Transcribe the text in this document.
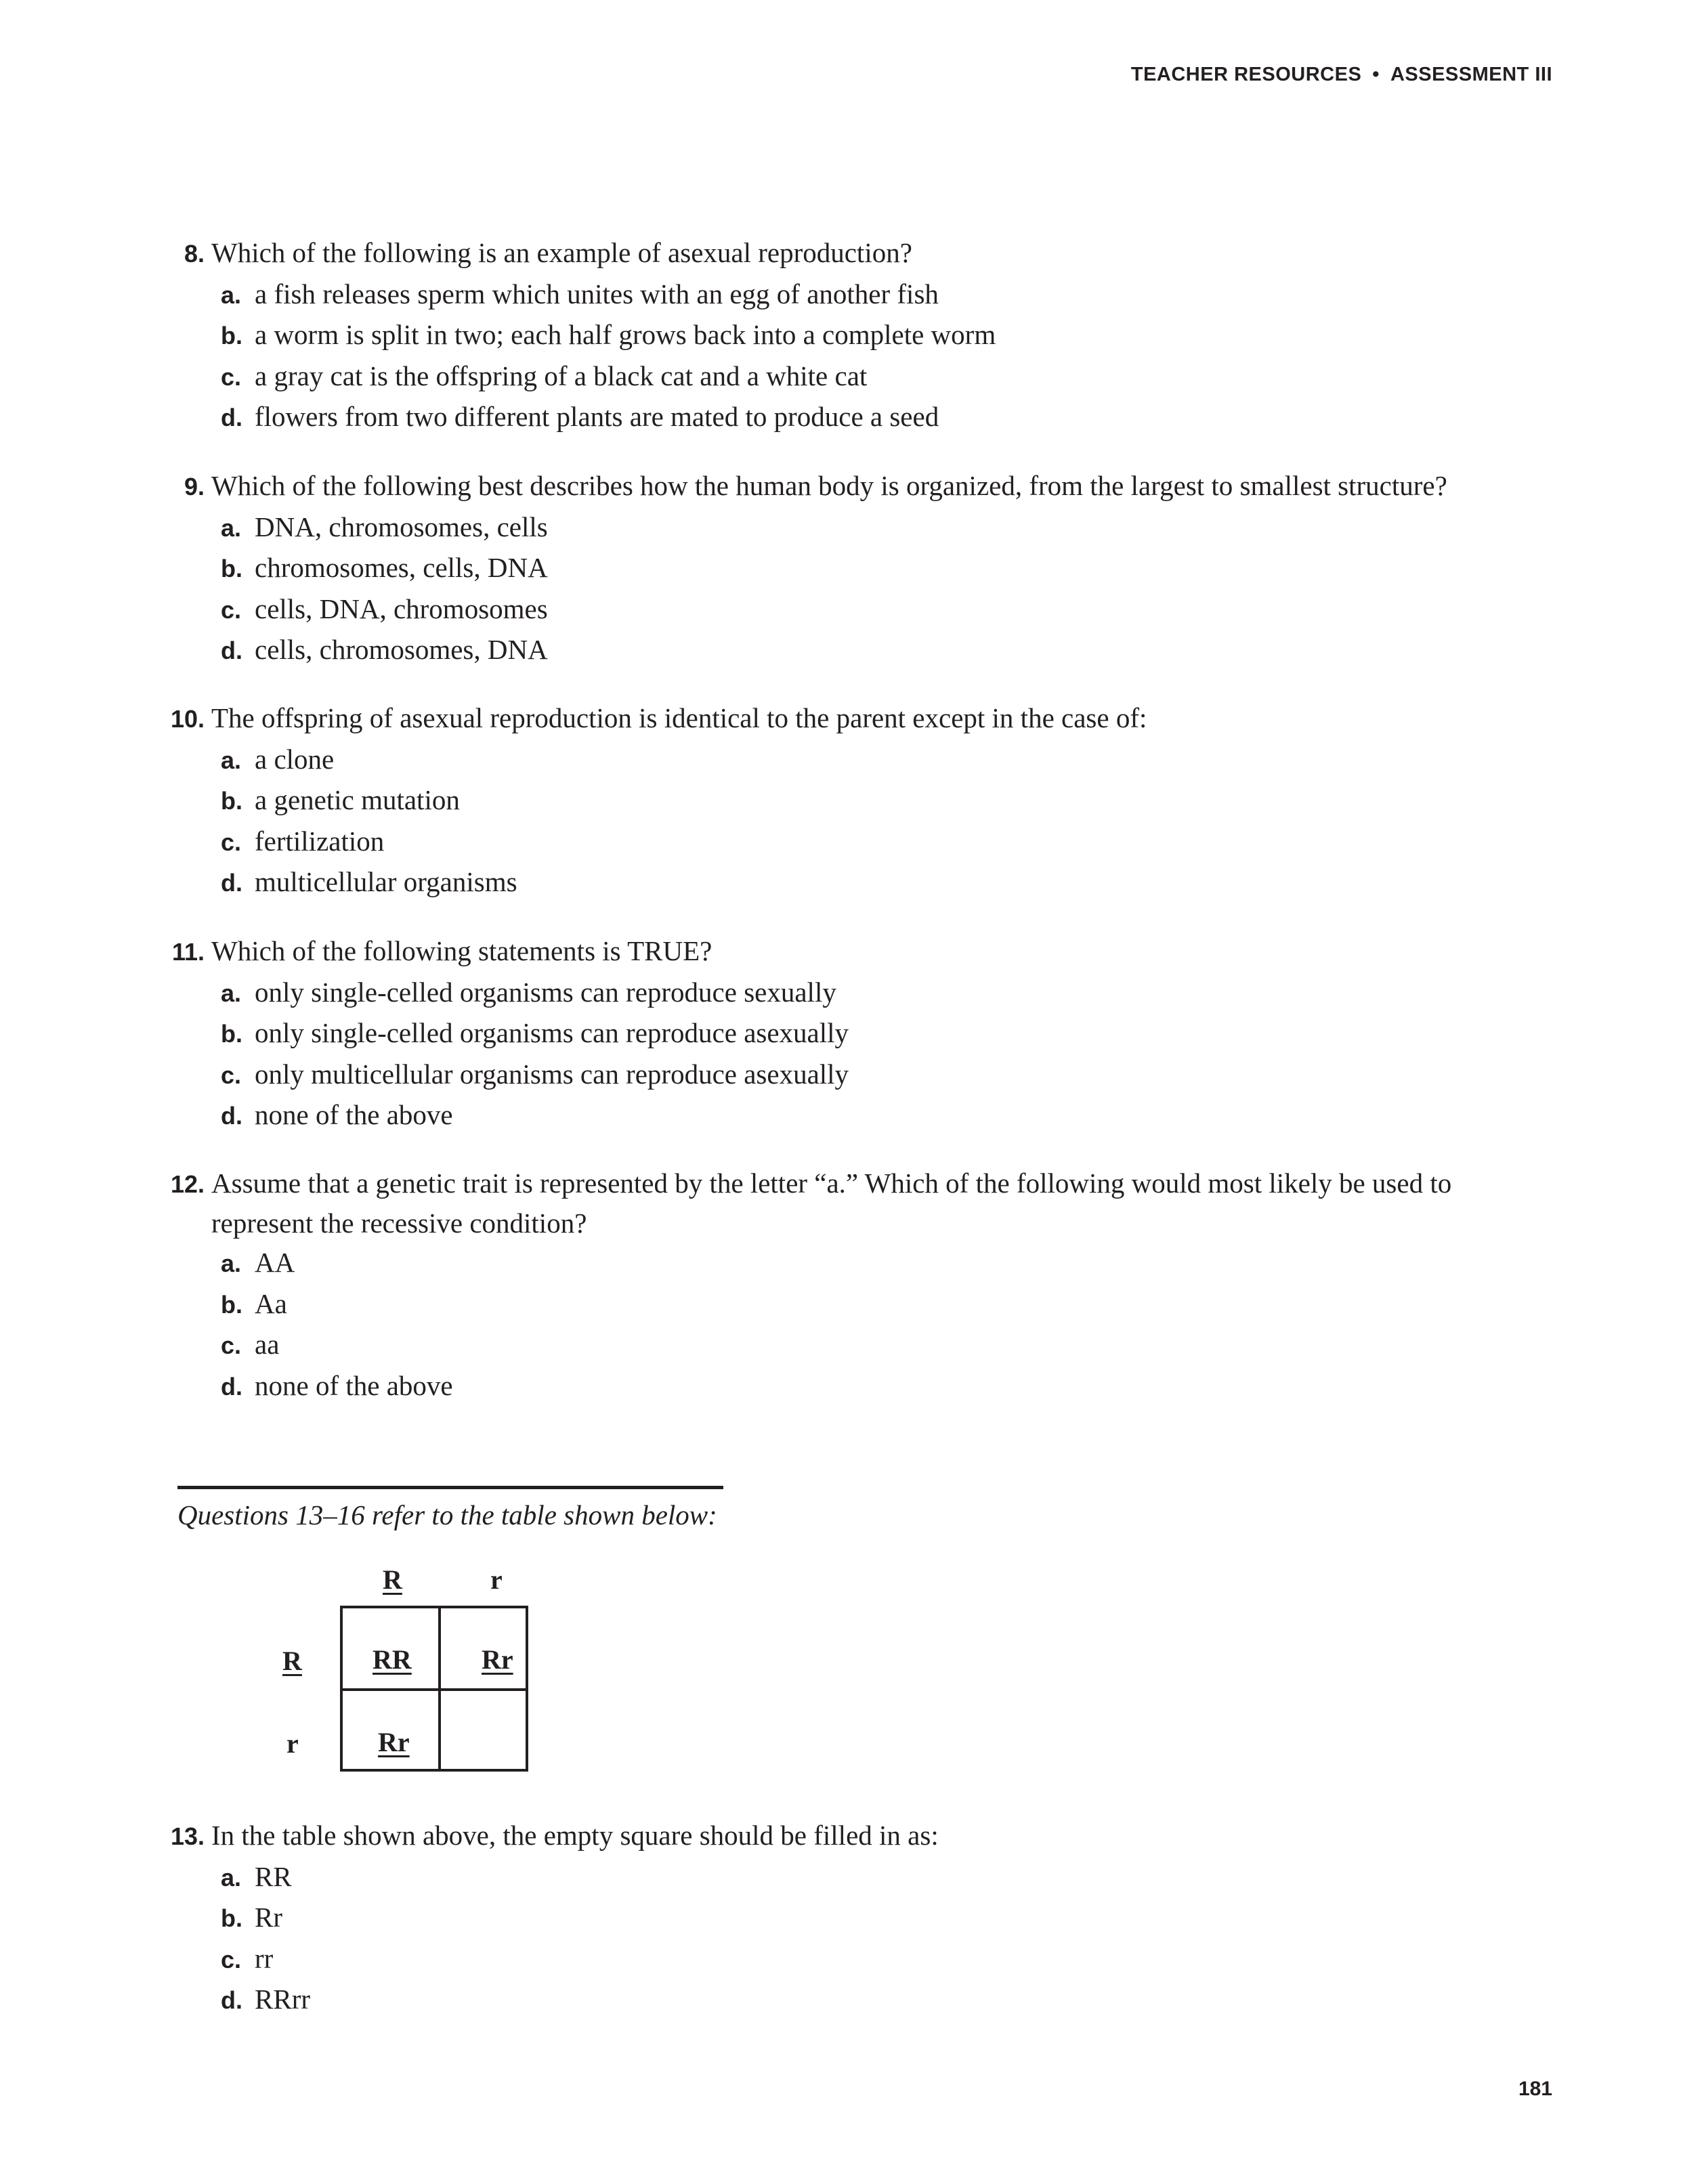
TEACHER RESOURCES • ASSESSMENT III
8. Which of the following is an example of asexual reproduction?
a. a fish releases sperm which unites with an egg of another fish
b. a worm is split in two; each half grows back into a complete worm
c. a gray cat is the offspring of a black cat and a white cat
d. flowers from two different plants are mated to produce a seed
9. Which of the following best describes how the human body is organized, from the largest to smallest structure?
a. DNA, chromosomes, cells
b. chromosomes, cells, DNA
c. cells, DNA, chromosomes
d. cells, chromosomes, DNA
10. The offspring of asexual reproduction is identical to the parent except in the case of:
a. a clone
b. a genetic mutation
c. fertilization
d. multicellular organisms
11. Which of the following statements is TRUE?
a. only single-celled organisms can reproduce sexually
b. only single-celled organisms can reproduce asexually
c. only multicellular organisms can reproduce asexually
d. none of the above
12. Assume that a genetic trait is represented by the letter “a.” Which of the following would most likely be used to represent the recessive condition?
a. AA
b. Aa
c. aa
d. none of the above
Questions 13–16 refer to the table shown below:
R	r
R
r
RR	Rr
Rr
13. In the table shown above, the empty square should be filled in as:
a. RR
b. Rr
c. rr
d. RRrr
181
